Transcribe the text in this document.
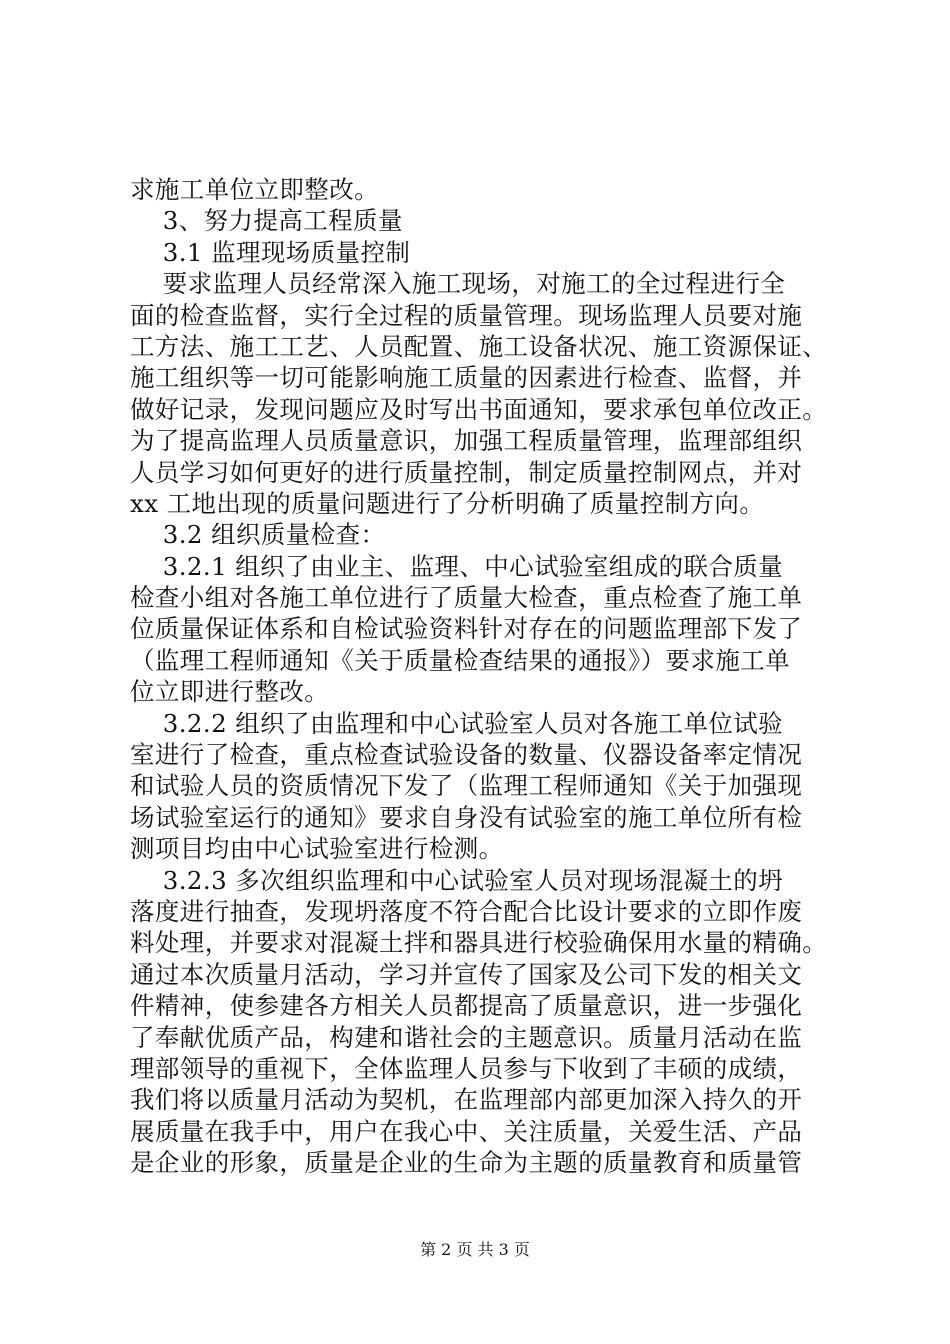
求施工单位立即整改。
3、努力提高工程质量
3.1 监理现场质量控制
要求监理人员经常深入施工现场，对施工的全过程进行全
面的检查监督，实行全过程的质量管理。现场监理人员要对施
工方法、施工工艺、人员配置、施工设备状况、施工资源保证、
施工组织等一切可能影响施工质量的因素进行检查、监督，并
做好记录，发现问题应及时写出书面通知，要求承包单位改正。
为了提高监理人员质量意识，加强工程质量管理，监理部组织
人员学习如何更好的进行质量控制，制定质量控制网点，并对
xx 工地出现的质量问题进行了分析明确了质量控制方向。
3.2 组织质量检查：
3.2.1 组织了由业主、监理、中心试验室组成的联合质量
检查小组对各施工单位进行了质量大检查，重点检查了施工单
位质量保证体系和自检试验资料针对存在的问题监理部下发了
（监理工程师通知《关于质量检查结果的通报》）要求施工单
位立即进行整改。
3.2.2 组织了由监理和中心试验室人员对各施工单位试验
室进行了检查，重点检查试验设备的数量、仪器设备率定情况
和试验人员的资质情况下发了（监理工程师通知《关于加强现
场试验室运行的通知》要求自身没有试验室的施工单位所有检
测项目均由中心试验室进行检测。
3.2.3 多次组织监理和中心试验室人员对现场混凝土的坍
落度进行抽查，发现坍落度不符合配合比设计要求的立即作废
料处理，并要求对混凝土拌和器具进行校验确保用水量的精确。
通过本次质量月活动，学习并宣传了国家及公司下发的相关文
件精神，使参建各方相关人员都提高了质量意识，进一步强化
了奉献优质产品，构建和谐社会的主题意识。质量月活动在监
理部领导的重视下，全体监理人员参与下收到了丰硕的成绩，
我们将以质量月活动为契机，在监理部内部更加深入持久的开
展质量在我手中，用户在我心中、关注质量，关爱生活、产品
是企业的形象，质量是企业的生命为主题的质量教育和质量管
第 2 页 共 3 页
